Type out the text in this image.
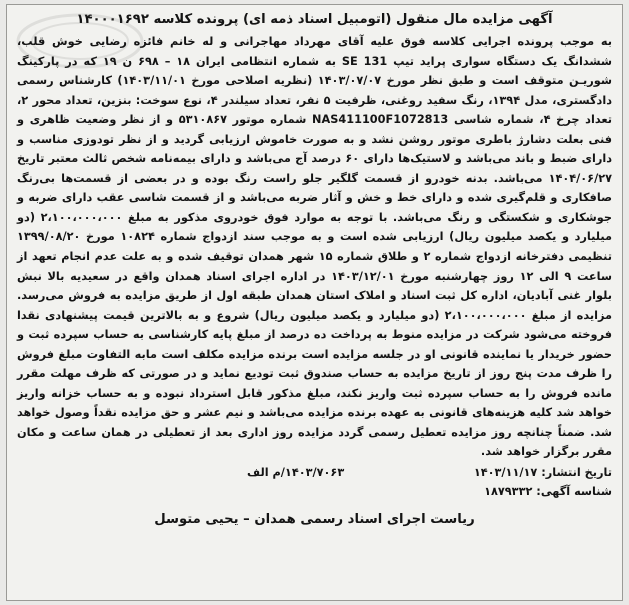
آگهی مزایده مال منقول (اتومبیل اسناد ذمه ای) پرونده کلاسه ۱۴۰۰۰۱۶۹۲

به موجب پرونده اجرایی کلاسه فوق علیه آقای مهرداد مهاجرانی و له خانم فائزه رضایی خوش قلب، ششدانگ یک دستگاه سواری پراید تیپ SE 131 به شماره انتظامی ایران ۱۸ – ۶۹۸ ن ۱۹ که در پارکینگ شوریـن متوقف است و طبق نظر مورخ ۱۴۰۳/۰۷/۰۷ (نظریه اصلاحی مورخ ۱۴۰۳/۱۱/۰۱) کارشناس رسمی دادگستری، مدل ۱۳۹۴، رنگ سفید روغنی، ظرفیت ۵ نفر، تعداد سیلندر ۴، نوع سوخت: بنزین، تعداد محور ۲، تعداد چرخ ۴، شماره شاسی NAS411100F1072813 شماره موتور ۵۳۱۰۸۶۷ و از نظر وضعیت ظاهری و فنی بعلت دشارژ باطری موتور روشن نشد و به صورت خاموش ارزیابی گردید و از نظر تودوزی مناسب و دارای ضبط و باند می‌باشد و لاستیک‌ها دارای ۶۰ درصد آج می‌باشد و دارای بیمه‌نامه شخص ثالث معتبر تاریخ ۱۴۰۴/۰۶/۲۷ می‌باشد. بدنه خودرو از قسمت گلگیر جلو راست رنگ بوده و در بعضی از قسمت‌ها بی‌رنگ صافکاری و قلم‌گیری شده و دارای خط و خش و آثار ضربه می‌باشد و از قسمت شاسی عقب دارای ضربه و جوشکاری و شکستگی و رنگ می‌باشد. با توجه به موارد فوق خودروی مذکور به مبلغ ۲،۱۰۰،۰۰۰،۰۰۰ (دو میلیارد و یکصد میلیون ریال) ارزیابی شده است و به موجب سند ازدواج شماره ۱۰۸۲۴ مورخ ۱۳۹۹/۰۸/۲۰ تنظیمی دفترخانه ازدواج شماره ۲ و طلاق شماره ۱۵ شهر همدان توقیف شده و به علت عدم انجام تعهد از ساعت ۹ الی ۱۲ روز چهارشنبه مورخ ۱۴۰۳/۱۲/۰۱ در اداره اجرای اسناد همدان واقع در سعیدیه بالا نبش بلوار غنی آبادیان، اداره کل ثبت اسناد و املاک استان همدان طبقه اول از طریق مزایده به فروش می‌رسد. مزایده از مبلغ ۲،۱۰۰،۰۰۰،۰۰۰ (دو میلیارد و یکصد میلیون ریال) شروع و به بالاترین قیمت پیشنهادی نقدا فروخته می‌شود شرکت در مزایده منوط به پرداخت ده درصد از مبلغ پایه کارشناسی به حساب سپرده ثبت و حضور خریدار یا نماینده قانونی او در جلسه مزایده است برنده مزایده مکلف است مابه التفاوت مبلغ فروش را ظرف مدت پنج روز از تاریخ مزایده به حساب صندوق ثبت تودیع نماید و در صورتی که ظرف مهلت مقرر مانده فروش را به حساب سپرده ثبت واریز نکند، مبلغ مذکور قابل استرداد نبوده و به حساب خزانه واریز خواهد شد کلیه هزینه‌های قانونی به عهده برنده مزایده می‌باشد و نیم عشر و حق مزایده نقداً وصول خواهد شد. ضمناً چنانچه روز مزایده تعطیل رسمی گردد مزایده روز اداری بعد از تعطیلی در همان ساعت و مکان مقرر برگزار خواهد شد.

تاریخ انتشار: ۱۴۰۳/۱۱/۱۷
۱۴۰۳/۷۰۶۳/م الف
شناسه آگهی: ۱۸۷۹۳۳۲
ریاست اجرای اسناد رسمی همدان – یحیی متوسل
